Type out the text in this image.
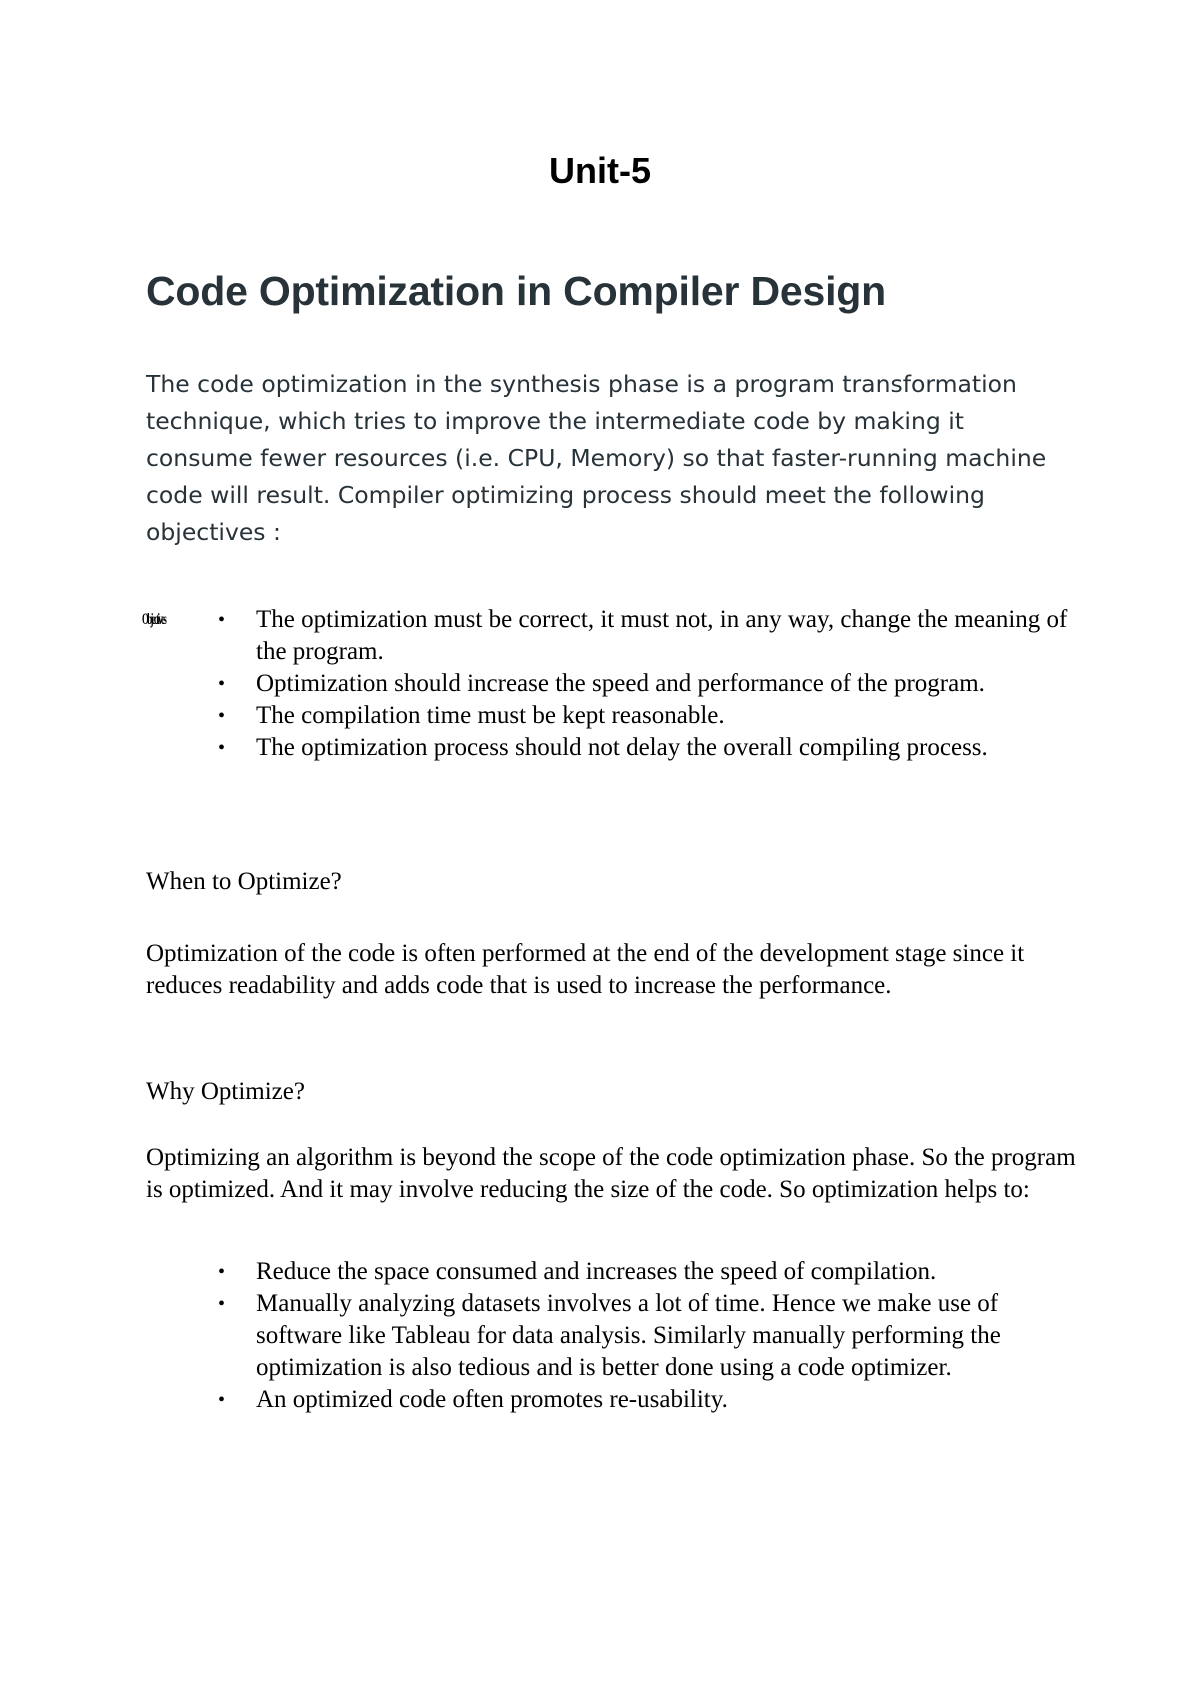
Unit-5
Code Optimization in Compiler Design

The code optimization in the synthesis phase is a program transformation technique, which tries to improve the intermediate code by making it consume fewer resources (i.e. CPU, Memory) so that faster-running machine code will result. Compiler optimizing process should meet the following objectives :

Objectives	• The optimization must be correct, it must not, in any way, change the meaning of the program.
• Optimization should increase the speed and performance of the program.
• The compilation time must be kept reasonable.
• The optimization process should not delay the overall compiling process.

When to Optimize?

Optimization of the code is often performed at the end of the development stage since it reduces readability and adds code that is used to increase the performance.

Why Optimize?

Optimizing an algorithm is beyond the scope of the code optimization phase. So the program is optimized. And it may involve reducing the size of the code. So optimization helps to:

• Reduce the space consumed and increases the speed of compilation.
• Manually analyzing datasets involves a lot of time. Hence we make use of software like Tableau for data analysis. Similarly manually performing the optimization is also tedious and is better done using a code optimizer.
• An optimized code often promotes re-usability.
